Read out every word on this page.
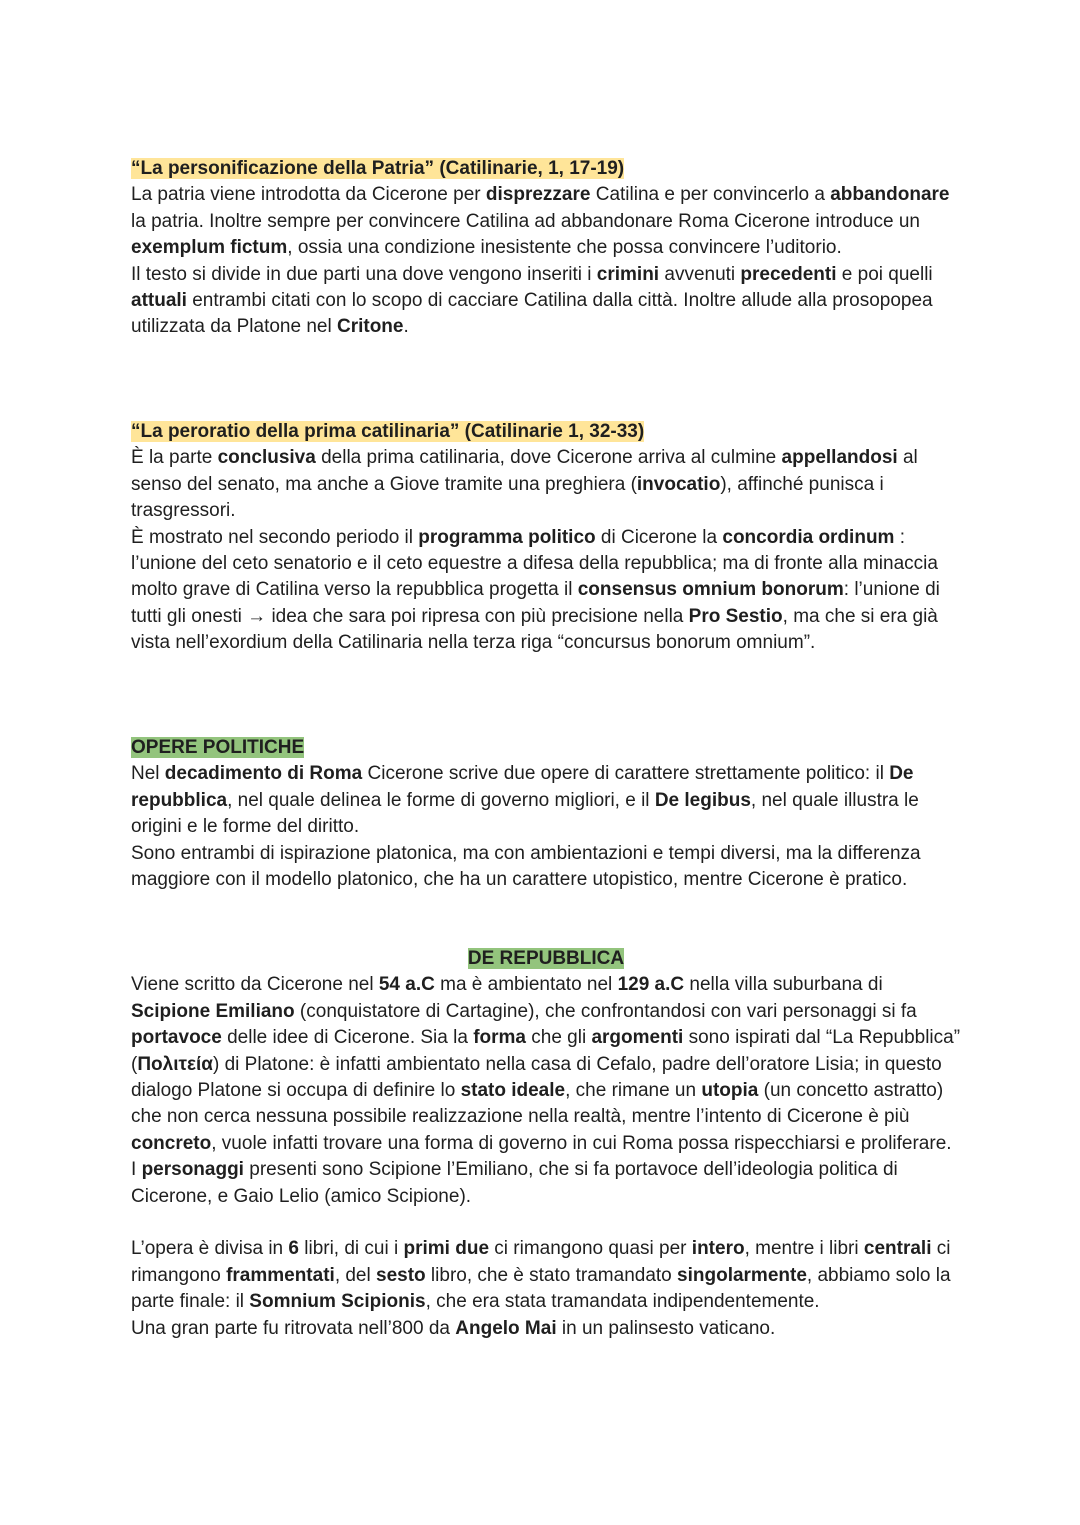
“La personificazione della Patria” (Catilinarie, 1, 17-19)

La patria viene introdotta da Cicerone per disprezzare Catilina e per convincerlo a abbandonare la patria. Inoltre sempre per convincere Catilina ad abbandonare Roma Cicerone introduce un exemplum fictum, ossia una condizione inesistente che possa convincere l’uditorio.

Il testo si divide in due parti una dove vengono inseriti i crimini avvenuti precedenti e poi quelli attuali entrambi citati con lo scopo di cacciare Catilina dalla città. Inoltre allude alla prosopopea utilizzata da Platone nel Critone.

“La peroratio della prima catilinaria” (Catilinarie 1, 32-33)

È la parte conclusiva della prima catilinaria, dove Cicerone arriva al culmine appellandosi al senso del senato, ma anche a Giove tramite una preghiera (invocatio), affinché punisca i trasgressori.

È mostrato nel secondo periodo il programma politico di Cicerone la concordia ordinum : l’unione del ceto senatorio e il ceto equestre a difesa della repubblica; ma di fronte alla minaccia molto grave di Catilina verso la repubblica progetta il consensus omnium bonorum: l’unione di tutti gli onesti → idea che sara poi ripresa con più precisione nella Pro Sestio, ma che si era già vista nell’exordium della Catilinaria nella terza riga “concursus bonorum omnium”.

OPERE POLITICHE

Nel decadimento di Roma Cicerone scrive due opere di carattere strettamente politico: il De repubblica, nel quale delinea le forme di governo migliori, e il De legibus, nel quale illustra le origini e le forme del diritto.

Sono entrambi di ispirazione platonica, ma con ambientazioni e tempi diversi, ma la differenza maggiore con il modello platonico, che ha un carattere utopistico, mentre Cicerone è pratico.

DE REPUBBLICA

Viene scritto da Cicerone nel 54 a.C ma è ambientato nel 129 a.C nella villa suburbana di Scipione Emiliano (conquistatore di Cartagine), che confrontandosi con vari personaggi si fa portavoce delle idee di Cicerone. Sia la forma che gli argomenti sono ispirati dal “La Repubblica” (Πολιτεία) di Platone: è infatti ambientato nella casa di Cefalo, padre dell’oratore Lisia; in questo dialogo Platone si occupa di definire lo stato ideale, che rimane un utopia (un concetto astratto) che non cerca nessuna possibile realizzazione nella realtà, mentre l’intento di Cicerone è più concreto, vuole infatti trovare una forma di governo in cui Roma possa rispecchiarsi e proliferare.

I personaggi presenti sono Scipione l’Emiliano, che si fa portavoce dell’ideologia politica di Cicerone, e Gaio Lelio (amico Scipione).

L’opera è divisa in 6 libri, di cui i primi due ci rimangono quasi per intero, mentre i libri centrali ci rimangono frammentati, del sesto libro, che è stato tramandato singolarmente, abbiamo solo la parte finale: il Somnium Scipionis, che era stata tramandata indipendentemente.

Una gran parte fu ritrovata nell’800 da Angelo Mai in un palinsesto vaticano.
